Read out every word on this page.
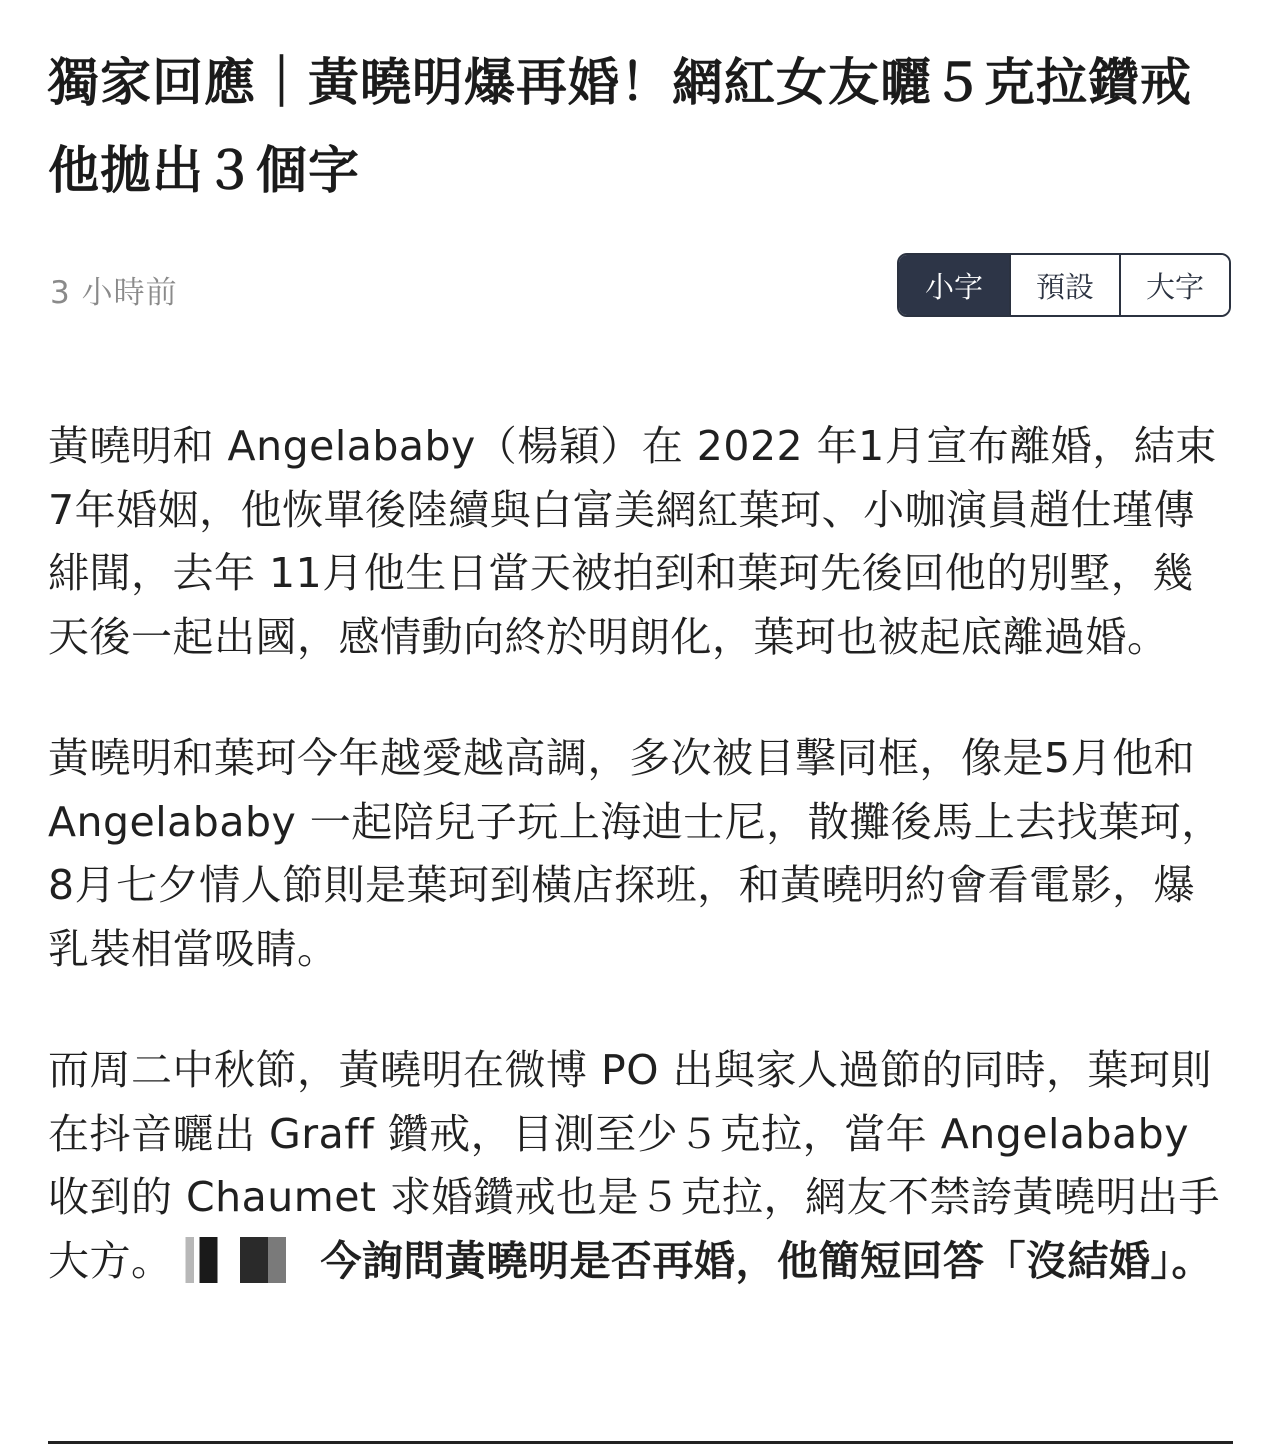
獨家回應｜黃曉明爆再婚！網紅女友曬５克拉鑽戒　他拋出３個字
3 小時前	小字	預設	大字

黃曉明和 Angelababy（楊穎）在 2022 年1月宣布離婚，結束7年婚姻，他恢單後陸續與白富美網紅葉珂、小咖演員趙仕瑾傳緋聞，去年 11月他生日當天被拍到和葉珂先後回他的別墅，幾天後一起出國，感情動向終於明朗化，葉珂也被起底離過婚。

黃曉明和葉珂今年越愛越高調，多次被目擊同框，像是5月他和 Angelababy 一起陪兒子玩上海迪士尼，散攤後馬上去找葉珂，8月七夕情人節則是葉珂到橫店探班，和黃曉明約會看電影，爆乳裝相當吸睛。

而周二中秋節，黃曉明在微博 PO 出與家人過節的同時，葉珂則在抖音曬出 Graff 鑽戒，目測至少５克拉，當年 Angelababy 收到的 Chaumet 求婚鑽戒也是５克拉，網友不禁誇黃曉明出手大方。	今詢問黃曉明是否再婚，他簡短回答「沒結婚」。
